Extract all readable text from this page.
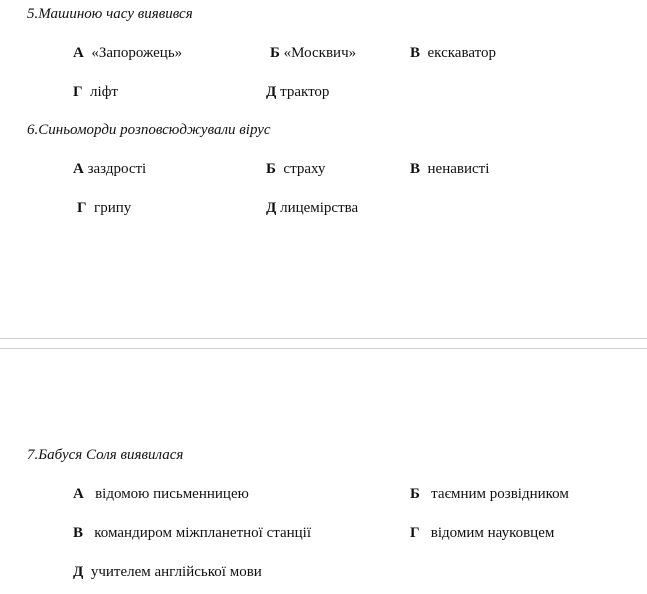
5.Машиною часу виявився
А «Запорожець»	Б «Москвич»	В екскаватор
Г ліфт	Д трактор
6.Синьоморди розповсюджували вірус
А заздрості	Б страху	В ненависті
Г грипу	Д лицемірства
7.Бабуся Соля виявилася
А відомою письменницею	Б таємним розвідником
В командиром міжпланетної станції	Г відомим науковцем
Д учителем англійської мови
